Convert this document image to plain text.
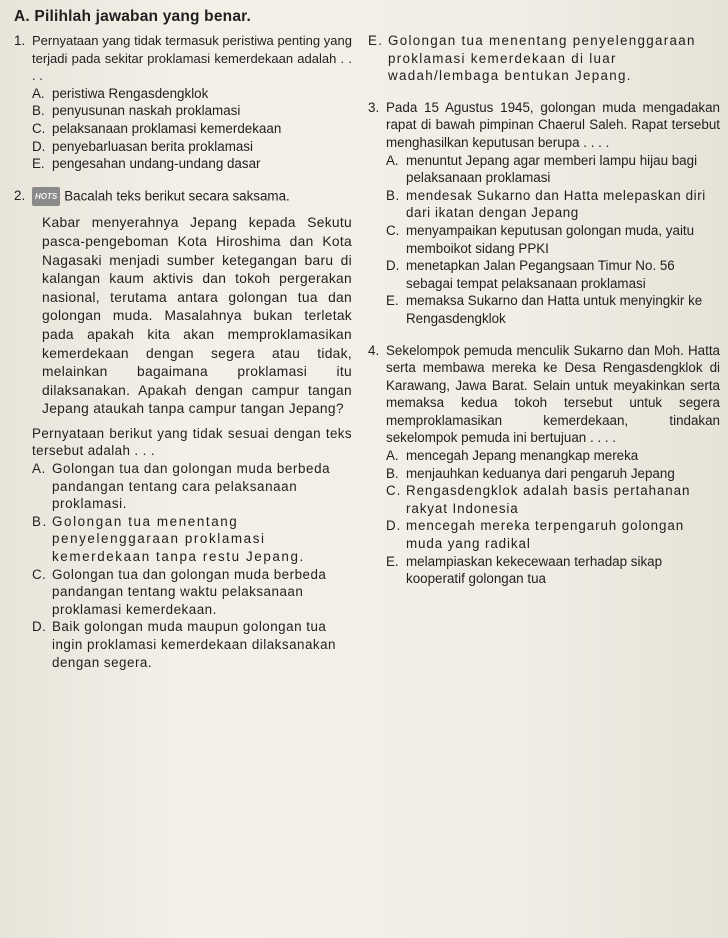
A. Pilihlah jawaban yang benar.
1. Pernyataan yang tidak termasuk peristiwa penting yang terjadi pada sekitar proklamasi kemerdekaan adalah . . . .
A. peristiwa Rengasdengklok
B. penyusunan naskah proklamasi
C. pelaksanaan proklamasi kemerdekaan
D. penyebarluasan berita proklamasi
E. pengesahan undang-undang dasar
2.	HOTS Bacalah teks berikut secara saksama.
Kabar menyerahnya Jepang kepada Sekutu pasca-pengeboman Kota Hiroshima dan Kota Nagasaki menjadi sumber ketegangan baru di kalangan kaum aktivis dan tokoh pergerakan nasional, terutama antara golongan tua dan golongan muda. Masalahnya bukan terletak pada apakah kita akan memproklamasikan kemerdekaan dengan segera atau tidak, melainkan bagaimana proklamasi itu dilaksanakan. Apakah dengan campur tangan Jepang ataukah tanpa campur tangan Jepang?
Pernyataan berikut yang tidak sesuai dengan teks tersebut adalah . . .
A. Golongan tua dan golongan muda berbeda pandangan tentang cara pelaksanaan proklamasi.
B. Golongan tua menentang penyelenggaraan proklamasi kemerdekaan tanpa restu Jepang.
C. Golongan tua dan golongan muda berbeda pandangan tentang waktu pelaksanaan proklamasi kemerdekaan.
D. Baik golongan muda maupun golongan tua ingin proklamasi kemerdekaan dilaksanakan dengan segera.
E. Golongan tua menentang penyelenggaraan proklamasi kemerdekaan di luar wadah/lembaga bentukan Jepang.
3. Pada 15 Agustus 1945, golongan muda mengadakan rapat di bawah pimpinan Chaerul Saleh. Rapat tersebut menghasilkan keputusan berupa . . . .
A. menuntut Jepang agar memberi lampu hijau bagi pelaksanaan proklamasi
B. mendesak Sukarno dan Hatta melepaskan diri dari ikatan dengan Jepang
C. menyampaikan keputusan golongan muda, yaitu memboikot sidang PPKI
D. menetapkan Jalan Pegangsaan Timur No. 56 sebagai tempat pelaksanaan proklamasi
E. memaksa Sukarno dan Hatta untuk menyingkir ke Rengasdengklok
4. Sekelompok pemuda menculik Sukarno dan Moh. Hatta serta membawa mereka ke Desa Rengasdengklok di Karawang, Jawa Barat. Selain untuk meyakinkan serta memaksa kedua tokoh tersebut untuk segera memproklamasikan kemerdekaan, tindakan sekelompok pemuda ini bertujuan . . . .
A. mencegah Jepang menangkap mereka
B. menjauhkan keduanya dari pengaruh Jepang
C. Rengasdengklok adalah basis pertahanan rakyat Indonesia
D. mencegah mereka terpengaruh golongan muda yang radikal
E. melampiaskan kekecewaan terhadap sikap kooperatif golongan tua
